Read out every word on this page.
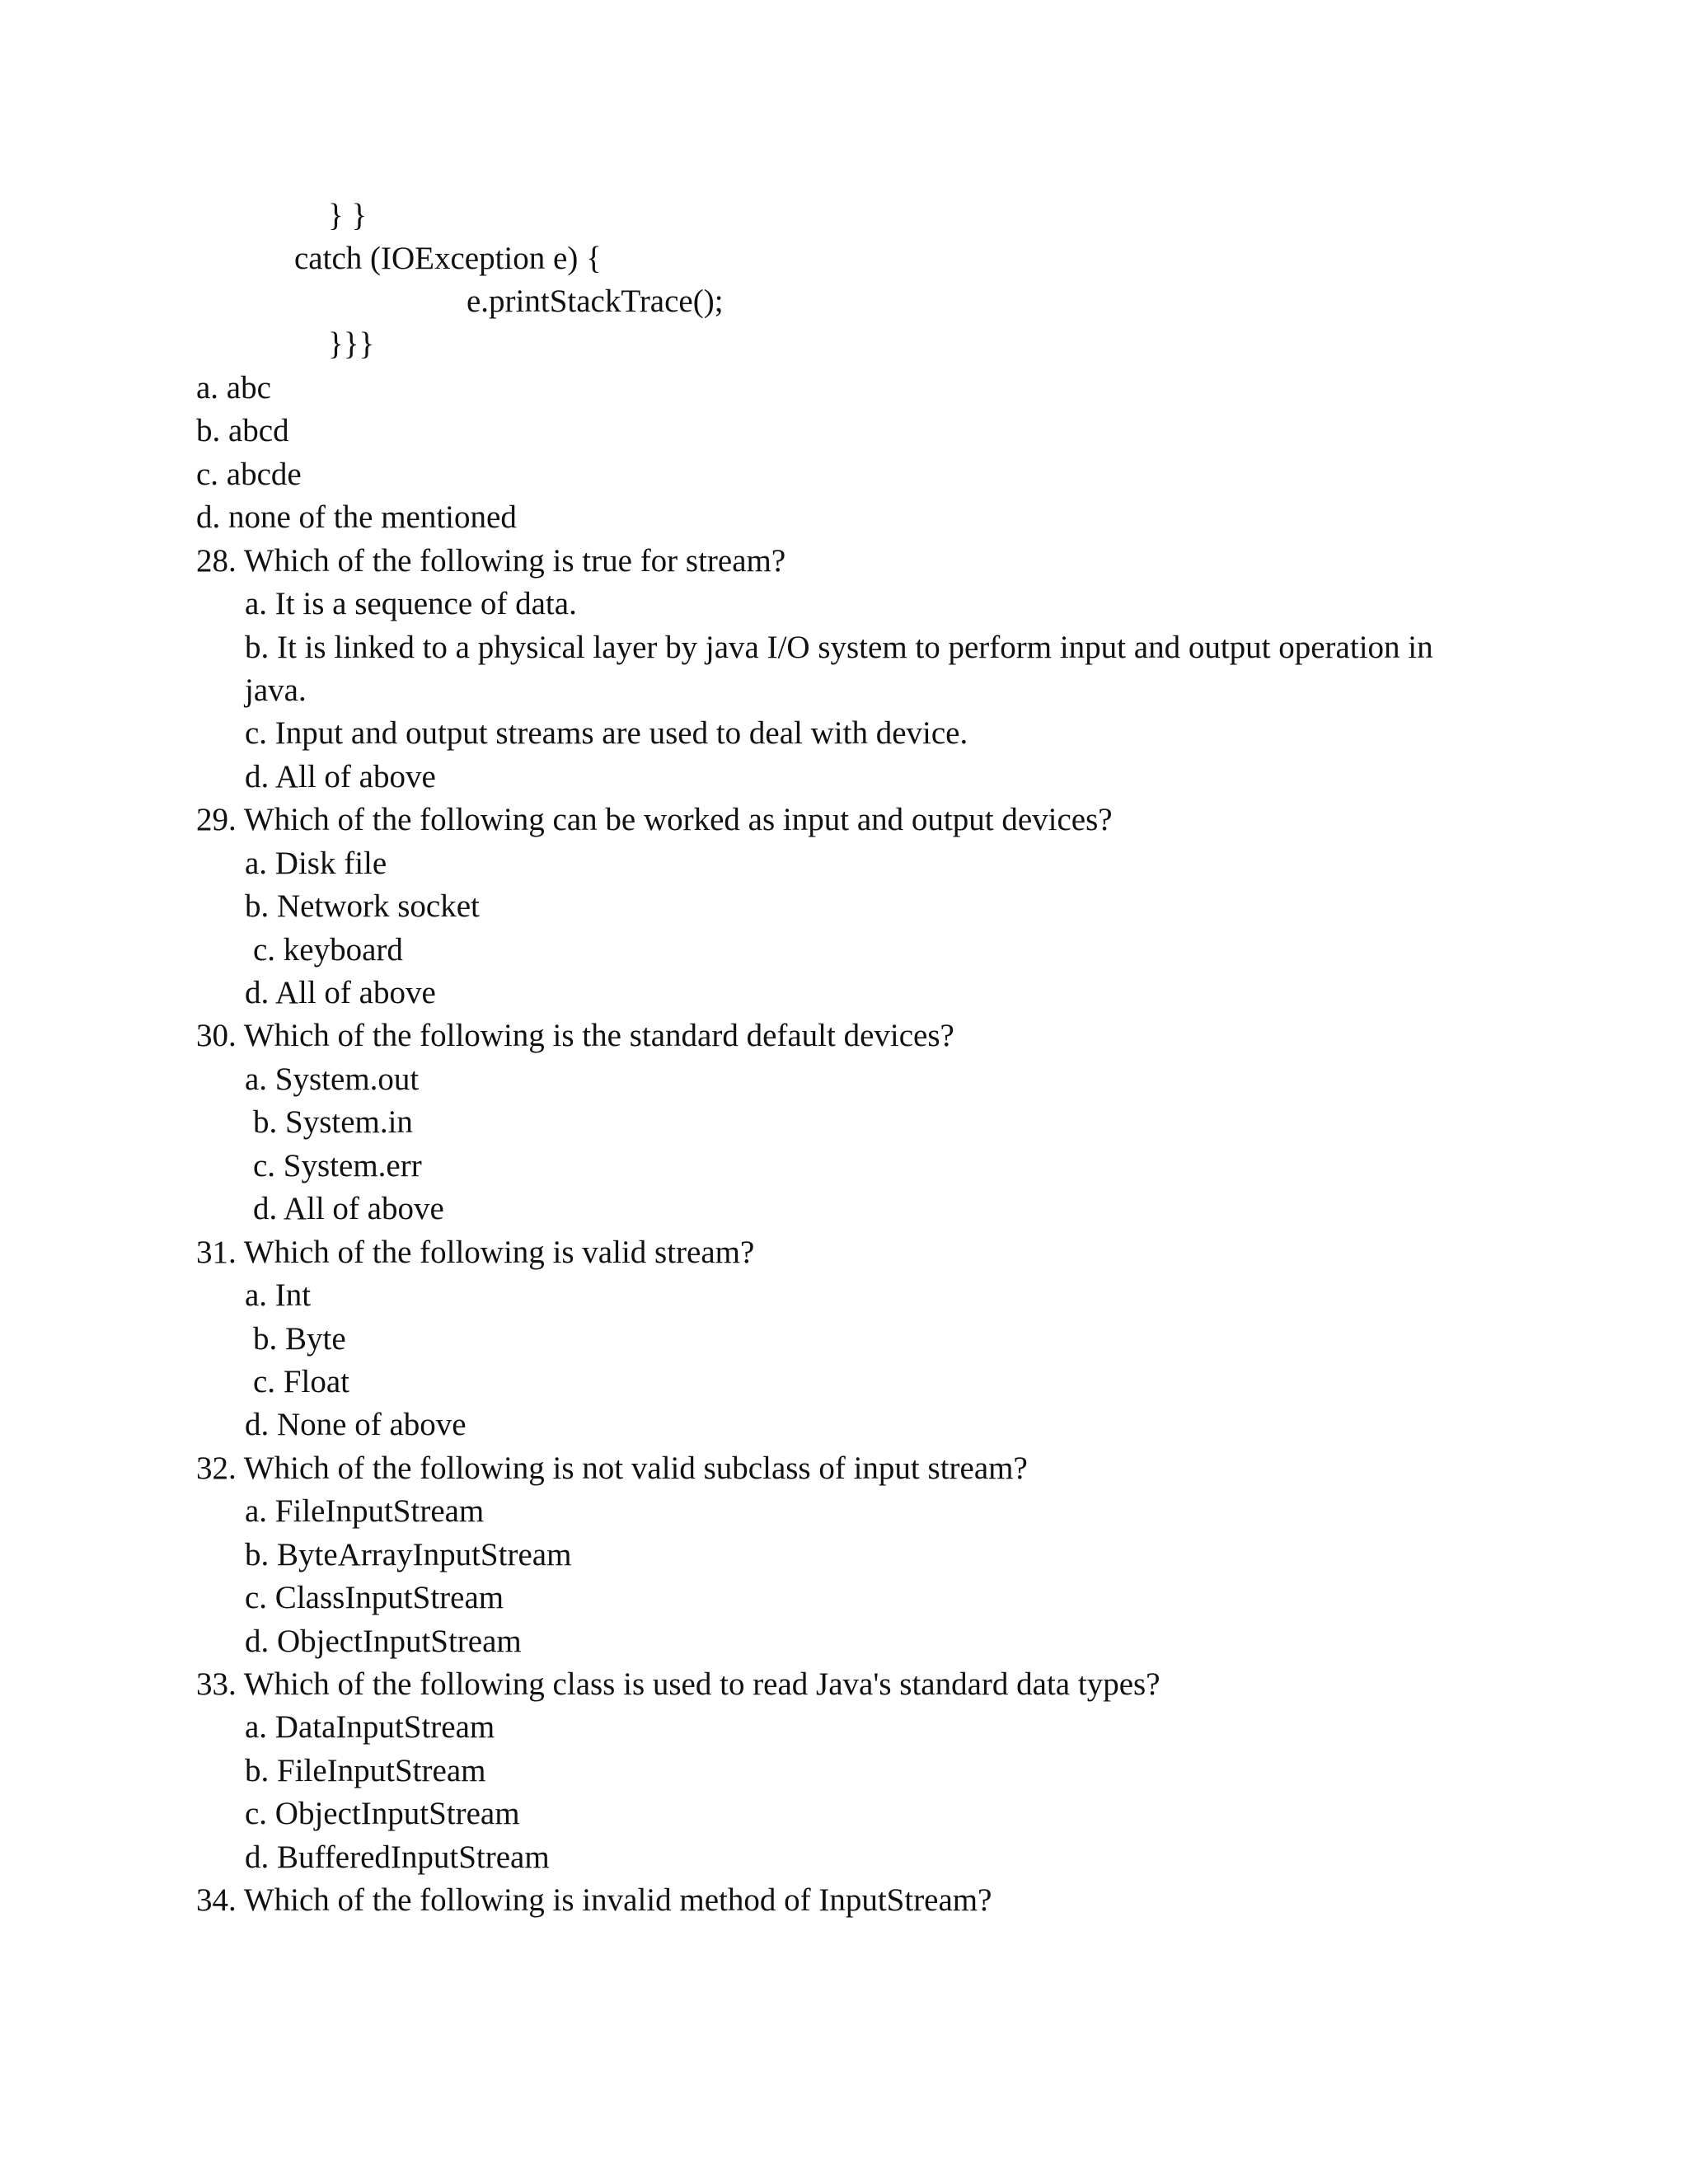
} }
catch (IOException e) {
e.printStackTrace();
}}}
a. abc
b. abcd
c. abcde
d. none of the mentioned
28. Which of the following is true for stream?
a. It is a sequence of data.
b. It is linked to a physical layer by java I/O system to perform input and output operation in
java.
c. Input and output streams are used to deal with device.
d. All of above
29. Which of the following can be worked as input and output devices?
a. Disk file
b. Network socket
c. keyboard
d. All of above
30. Which of the following is the standard default devices?
a. System.out
b. System.in
c. System.err
d. All of above
31. Which of the following is valid stream?
a. Int
b. Byte
c. Float
d. None of above
32. Which of the following is not valid subclass of input stream?
a. FileInputStream
b. ByteArrayInputStream
c. ClassInputStream
d. ObjectInputStream
33. Which of the following class is used to read Java's standard data types?
a. DataInputStream
b. FileInputStream
c. ObjectInputStream
d. BufferedInputStream
34. Which of the following is invalid method of InputStream?
